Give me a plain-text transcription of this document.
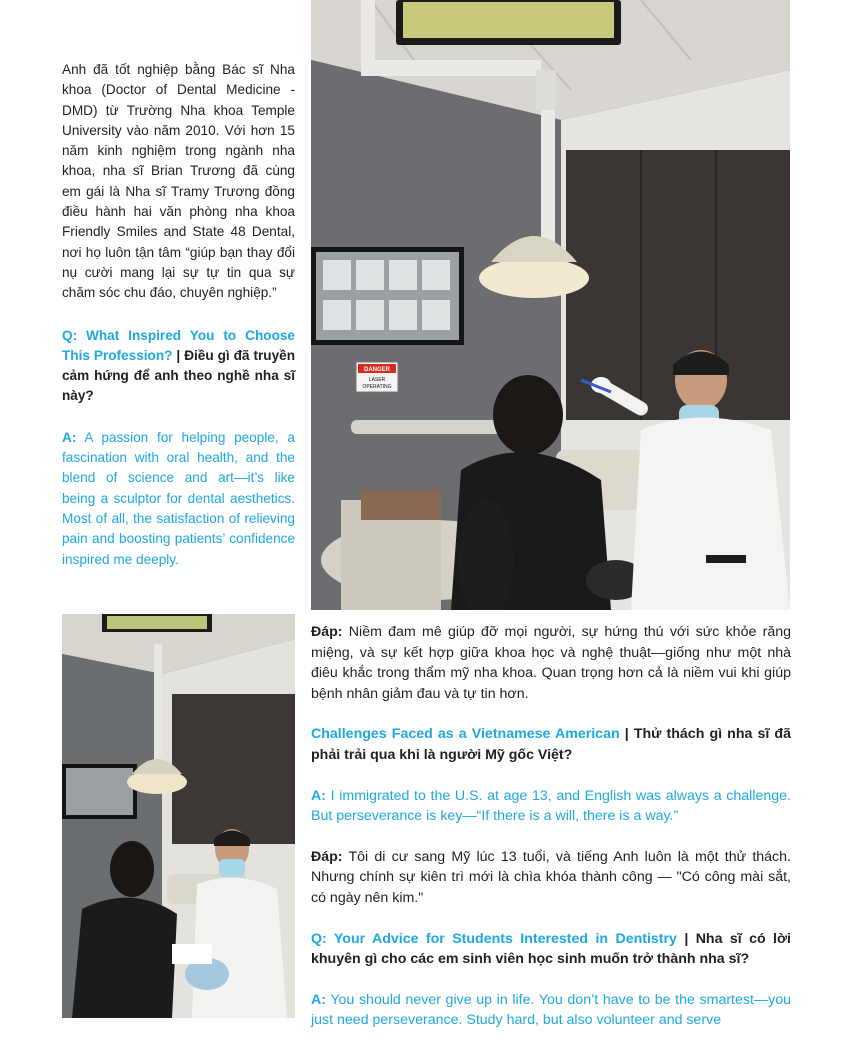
Anh đã tốt nghiệp bằng Bác sĩ Nha khoa (Doctor of Dental Medicine - DMD) từ Trường Nha khoa Temple University vào năm 2010. Với hơn 15 năm kinh nghiệm trong ngành nha khoa, nha sĩ Brian Trương đã cùng em gái là Nha sĩ Tramy Trương đồng điều hành hai văn phòng nha khoa Friendly Smiles and State 48 Dental, nơi họ luôn tận tâm “giúp bạn thay đổi nụ cười mang lại sự tự tin qua sự chăm sóc chu đáo, chuyên nghiệp.”

Q: What Inspired You to Choose This Profession? | Điều gì đã truyền cảm hứng để anh theo nghề nha sĩ này?

A: A passion for helping people, a fascination with oral health, and the blend of science and art—it’s like being a sculptor for dental aesthetics. Most of all, the satisfaction of relieving pain and boosting patients’ confidence inspired me deeply.

DANGER
LASER
OPERATING

Đáp: Niềm đam mê giúp đỡ mọi người, sự hứng thú với sức khỏe răng miệng, và sự kết hợp giữa khoa học và nghệ thuật—giống như một nhà điêu khắc trong thẩm mỹ nha khoa. Quan trọng hơn cả là niềm vui khi giúp bệnh nhân giảm đau và tự tin hơn.

Challenges Faced as a Vietnamese American | Thử thách gì nha sĩ đã phải trải qua khi là người Mỹ gốc Việt?

A: I immigrated to the U.S. at age 13, and English was always a challenge. But perseverance is key—“If there is a will, there is a way.”

Đáp: Tôi di cư sang Mỹ lúc 13 tuổi, và tiếng Anh luôn là một thử thách. Nhưng chính sự kiên trì mới là chìa khóa thành công — "Có công mài sắt, có ngày nên kim."

Q: Your Advice for Students Interested in Dentistry | Nha sĩ có lời khuyên gì cho các em sinh viên học sinh muốn trở thành nha sĩ?

A: You should never give up in life. You don’t have to be the smartest—you just need perseverance. Study hard, but also volunteer and serve
